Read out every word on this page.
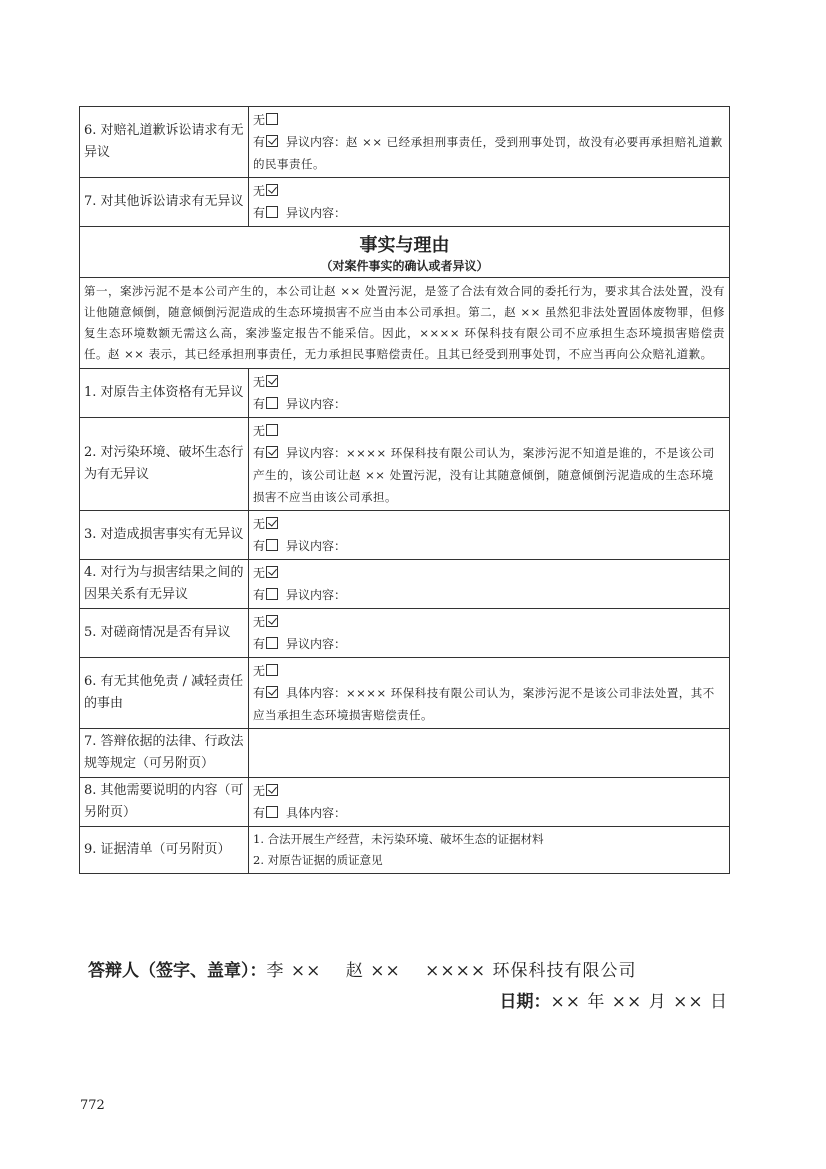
6. 对赔礼道歉诉讼请求有无异议	无
有 异议内容：赵 ×× 已经承担刑事责任，受到刑事处罚，故没有必要再承担赔礼道歉的民事责任。

7. 对其他诉讼请求有无异议	无
有 异议内容：

事实与理由
（对案件事实的确认或者异议）	

第一，案涉污泥不是本公司产生的，本公司让赵 ×× 处置污泥，是签了合法有效合同的委托行为，要求其合法处置，没有让他随意倾倒，随意倾倒污泥造成的生态环境损害不应当由本公司承担。第二，赵 ×× 虽然犯非法处置固体废物罪，但修复生态环境数额无需这么高，案涉鉴定报告不能采信。因此，×××× 环保科技有限公司不应承担生态环境损害赔偿责任。赵 ×× 表示，其已经承担刑事责任，无力承担民事赔偿责任。且其已经受到刑事处罚，不应当再向公众赔礼道歉。	
1. 对原告主体资格有无异议	无
有 异议内容：

2. 对污染环境、破坏生态行为有无异议	无
有 异议内容：×××× 环保科技有限公司认为，案涉污泥不知道是谁的，不是该公司产生的，该公司让赵 ×× 处置污泥，没有让其随意倾倒，随意倾倒污泥造成的生态环境损害不应当由该公司承担。

3. 对造成损害事实有无异议	无
有 异议内容：

4. 对行为与损害结果之间的因果关系有无异议	无
有 异议内容：

5. 对磋商情况是否有异议	无
有 异议内容：

6. 有无其他免责 / 减轻责任的事由	无
有 具体内容：×××× 环保科技有限公司认为，案涉污泥不是该公司非法处置，其不应当承担生态环境损害赔偿责任。

7. 答辩依据的法律、行政法规等规定（可另附页）	
8. 其他需要说明的内容（可另附页）	无
有 具体内容：

9. 证据清单（可另附页）	1. 合法开展生产经营，未污染环境、破坏生态的证据材料
2. 对原告证据的质证意见
答辩人（签字、盖章）：李 ××　 赵 ××　 ×××× 环保科技有限公司
日期：×× 年 ×× 月 ×× 日
772
